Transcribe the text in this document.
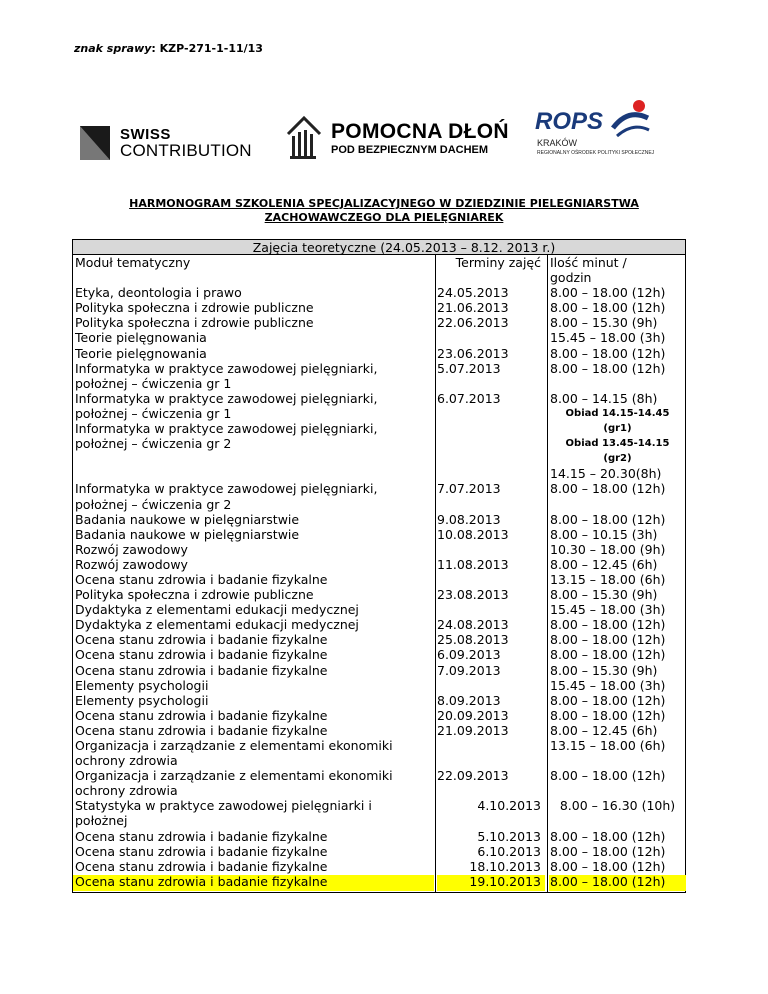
znak sprawy: KZP-271-1-11/13
SWISS
CONTRIBUTION
POMOCNA DŁOŃ
POD BEZPIECZNYM DACHEM
ROPS
KRAKÓW
REGIONALNY OŚRODEK POLITYKI SPOŁECZNEJ
HARMONOGRAM SZKOLENIA SPECJALIZACYJNEGO W DZIEDZINIE PIELEGNIARSTWA
ZACHOWAWCZEGO DLA PIELĘGNIAREK
Zajęcia teoretyczne (24.05.2013 – 8.12. 2013 r.)
Moduł tematyczny

Etyka, deontologia i prawo
Polityka społeczna i zdrowie publiczne
Polityka społeczna i zdrowie publiczne
Teorie pielęgnowania
Teorie pielęgnowania
Informatyka w praktyce zawodowej pielęgniarki,
położnej – ćwiczenia gr 1
Informatyka w praktyce zawodowej pielęgniarki,
położnej – ćwiczenia gr 1
Informatyka w praktyce zawodowej pielęgniarki,
położnej – ćwiczenia gr 2

Informatyka w praktyce zawodowej pielęgniarki,
położnej – ćwiczenia gr 2
Badania naukowe w pielęgniarstwie
Badania naukowe w pielęgniarstwie
Rozwój zawodowy
Rozwój zawodowy
Ocena stanu zdrowia i badanie fizykalne
Polityka społeczna i zdrowie publiczne
Dydaktyka z elementami edukacji medycznej
Dydaktyka z elementami edukacji medycznej
Ocena stanu zdrowia i badanie fizykalne
Ocena stanu zdrowia i badanie fizykalne
Ocena stanu zdrowia i badanie fizykalne
Elementy psychologii
Elementy psychologii
Ocena stanu zdrowia i badanie fizykalne
Ocena stanu zdrowia i badanie fizykalne
Organizacja i zarządzanie z elementami ekonomiki
ochrony zdrowia
Organizacja i zarządzanie z elementami ekonomiki
ochrony zdrowia
Statystyka w praktyce zawodowej pielęgniarki i
położnej
Ocena stanu zdrowia i badanie fizykalne
Ocena stanu zdrowia i badanie fizykalne
Ocena stanu zdrowia i badanie fizykalne
Ocena stanu zdrowia i badanie fizykalne
Terminy zajęć

24.05.2013
21.06.2013
22.06.2013

23.06.2013
5.07.2013

6.07.2013

7.07.2013

9.08.2013
10.08.2013

11.08.2013

23.08.2013

24.08.2013
25.08.2013
6.09.2013
7.09.2013

8.09.2013
20.09.2013
21.09.2013

22.09.2013

4.10.2013

5.10.2013
6.10.2013
18.10.2013
19.10.2013
Ilość minut /
godzin
8.00 – 18.00 (12h)
8.00 – 18.00 (12h)
8.00 – 15.30 (9h)
15.45 – 18.00 (3h)
8.00 – 18.00 (12h)
8.00 – 18.00 (12h)

8.00 – 14.15 (8h)
Obiad 14.15-14.45
(gr1)
Obiad 13.45-14.15
(gr2)
14.15 – 20.30(8h)
8.00 – 18.00 (12h)

8.00 – 18.00 (12h)
8.00 – 10.15 (3h)
10.30 – 18.00 (9h)
8.00 – 12.45 (6h)
13.15 – 18.00 (6h)
8.00 – 15.30 (9h)
15.45 – 18.00 (3h)
8.00 – 18.00 (12h)
8.00 – 18.00 (12h)
8.00 – 18.00 (12h)
8.00 – 15.30 (9h)
15.45 – 18.00 (3h)
8.00 – 18.00 (12h)
8.00 – 18.00 (12h)
8.00 – 12.45 (6h)
13.15 – 18.00 (6h)

8.00 – 18.00 (12h)

8.00 – 16.30 (10h)

8.00 – 18.00 (12h)
8.00 – 18.00 (12h)
8.00 – 18.00 (12h)
8.00 – 18.00 (12h)
